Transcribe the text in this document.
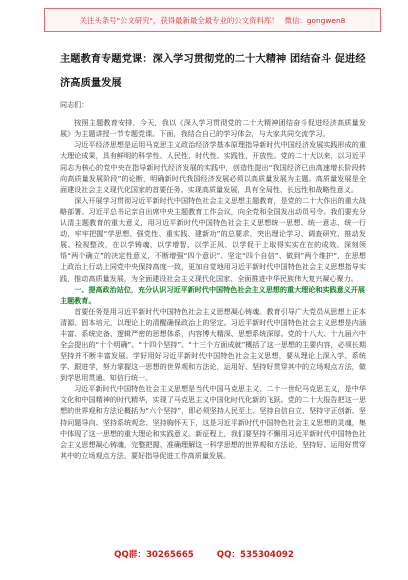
关注头条号"公文研究"，获得最新最全最专业的公文资料库！ 微信：gongwen8
主题教育专题党课：深入学习贯彻党的二十大精神 团结奋斗 促进经
济高质量发展

同志们：

按照主题教育安排，今天，我以《深入学习贯彻党的二十大精神团结奋斗促进经济高质量发展》为主题讲授一节专题党课。下面，我结合自己的学习体会，与大家共同交流学习。

习近平经济思想是运用马克思主义政治经济学基本原理指导新时代中国经济发展实践形成的重大理论成果，具有鲜明的科学性、人民性、时代性、实践性、开放性。党的二十大以来，以习近平同志为核心的党中央在指导新时代经济发展的实践中，创造性提出“我国经济已由高速增长阶段转向高质量发展阶段”的论断，明确新时代我国经济发展必须以高质量发展为主题。高质量发展是全面建设社会主义现代化国家的首要任务。实现高质量发展，具有全局性、长远性和战略性意义。

深入开展学习贯彻习近平新时代中国特色社会主义思想主题教育，是党的二十大作出的重大战略部署。习近平总书记亲自出席中央主题教育工作会议，向全党和全国发出动员号令。我们要充分认清主题教育的重大意义，用习近平新时代中国特色社会主义思想统一思想、统一意志、统一行动，牢牢把握“学思想、强党性、重实践、建新功”的总要求，突出理论学习、调查研究、推动发展、检视整改，在以学铸魂、以学增智、以学正风、以学促干上取得实实在在的成效。深刻领悟“两个确立”的决定性意义，不断增强“四个意识”、坚定“四个自信”、做到“两个维护”，在思想上政治上行动上同党中央保持高度一致，更加自觉地用习近平新时代中国特色社会主义思想指导实践，推动高质量发展，为全面建设社会主义现代化国家、全面推进中华民族伟大复兴凝心聚力。

一、提高政治站位，充分认识习近平新时代中国特色社会主义思想的重大理论和实践意义开展主题教育。

首要任务是用习近平新时代中国特色社会主义思想凝心铸魂。教育引导广大党员从思想上正本清源、固本培元，以理论上的清醒确保政治上的坚定。习近平新时代中国特色社会主义思想是内涵丰富、系统完备、逻辑严密的思想体系，内容博大精深、思想系统深厚。党的十八大、十九届六中全会提出的“十个明确”、“十四个坚持”、“十三个方面成就”概括了这一思想的主要内容，必须长期坚持并不断丰富发展。学好用好习近平新时代中国特色社会主义思想，要从理论上深入学、系统学、跟进学，努力掌握这一思想的世界观和方法论，运用好、坚持好贯穿其中的立场观点方法，做到学思用贯通、知信行统一。

习近平新时代中国特色社会主义思想是当代中国马克思主义、二十一世纪马克思主义，是中华文化和中国精神的时代精华，实现了马克思主义中国化时代化新的飞跃。党的二十大报告把这一思想的世界观和方法论概括为“六个坚持”，即必须坚持人民至上、坚持自信自立、坚持守正创新、坚持问题导向、坚持系统观念、坚持胸怀天下，这是习近平新时代中国特色社会主义思想的灵魂，集中体现了这一思想的重大理论和实践意义。新征程上，我们要坚持不懈用习近平新时代中国特色社会主义思想凝心铸魂，完整把握、准确理解这一科学思想的世界观和方法论，坚持好、运用好贯穿其中的立场观点方法，要好指导促进工作高质量发展。

QQ群：30265665	QQ：535304092
